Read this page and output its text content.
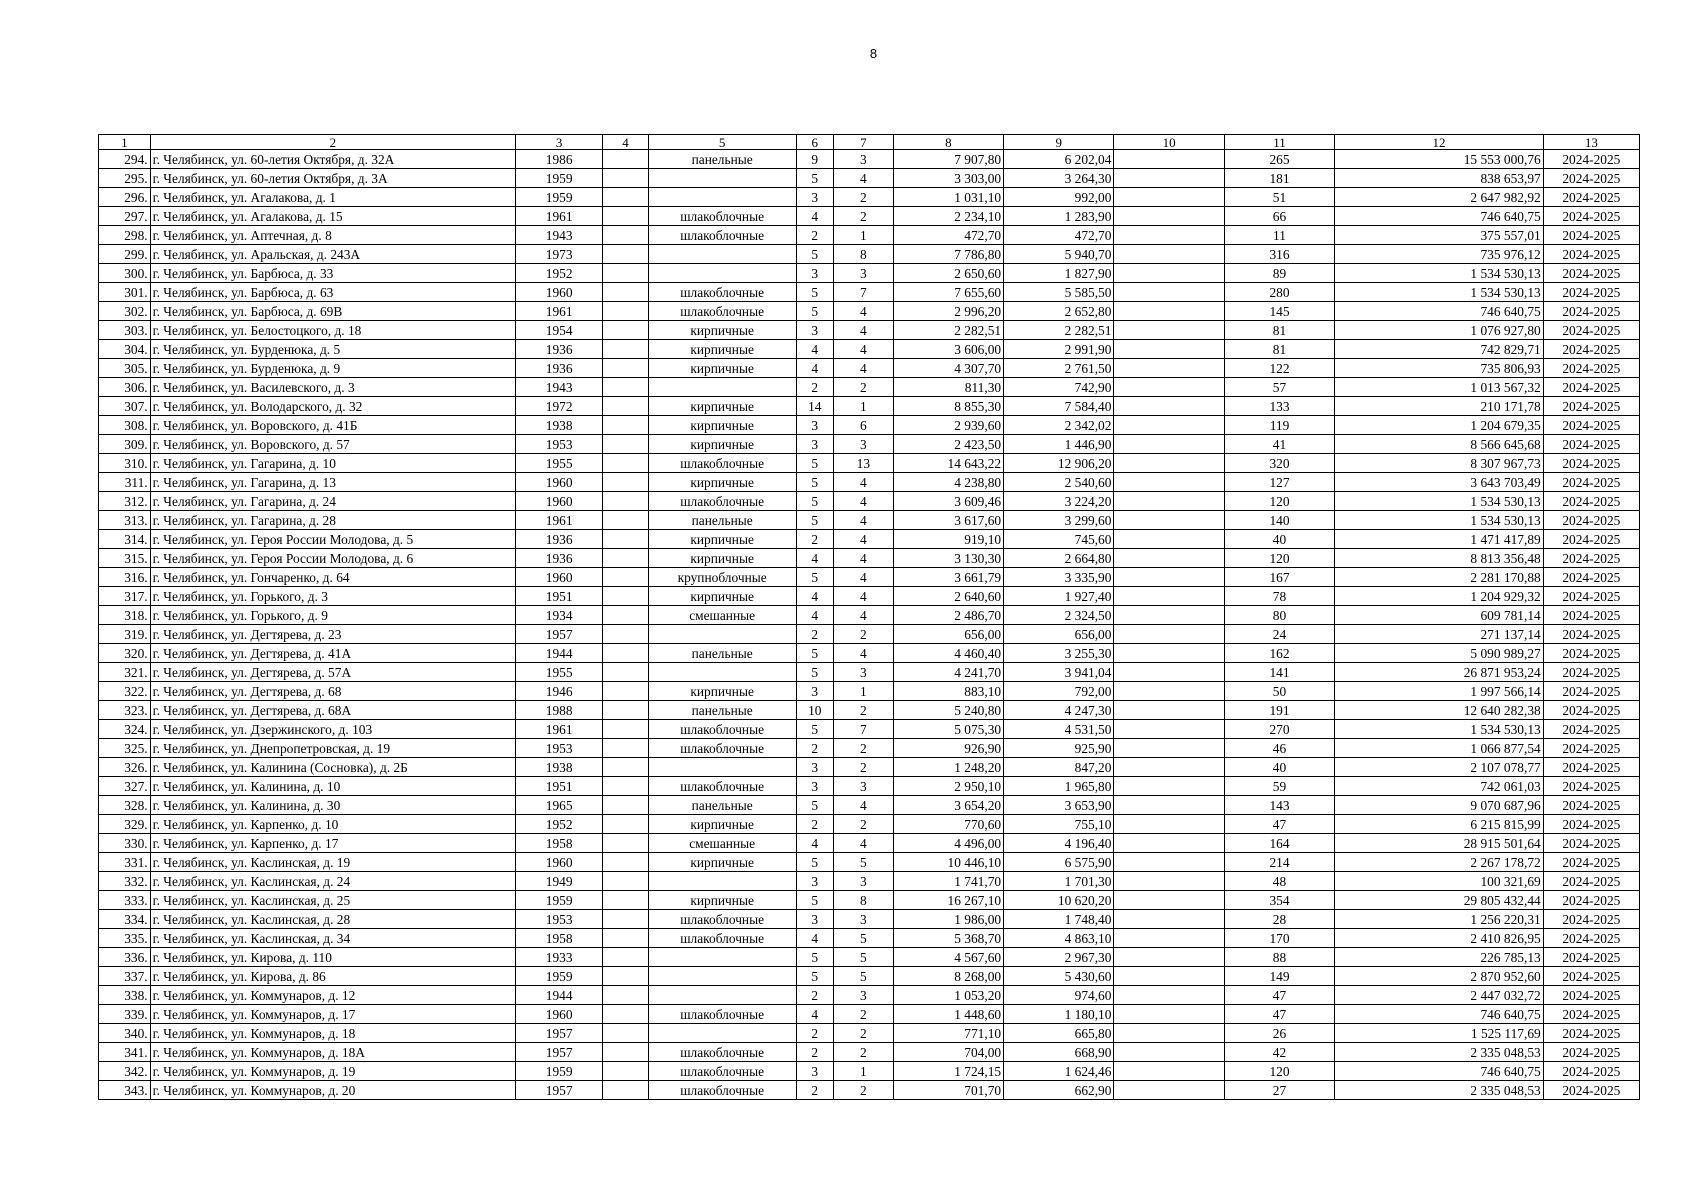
8
1	2	3	4	5	6	7	8	9	10	11	12	13
294.	г. Челябинск, ул. 60-летия Октября, д. 32А	1986		панельные	9	3	7 907,80	6 202,04		265	15 553 000,76	2024-2025
295.	г. Челябинск, ул. 60-летия Октября, д. 3А	1959			5	4	3 303,00	3 264,30		181	838 653,97	2024-2025
296.	г. Челябинск, ул. Агалакова, д. 1	1959			3	2	1 031,10	992,00		51	2 647 982,92	2024-2025
297.	г. Челябинск, ул. Агалакова, д. 15	1961		шлакоблочные	4	2	2 234,10	1 283,90		66	746 640,75	2024-2025
298.	г. Челябинск, ул. Аптечная, д. 8	1943		шлакоблочные	2	1	472,70	472,70		11	375 557,01	2024-2025
299.	г. Челябинск, ул. Аральская, д. 243А	1973			5	8	7 786,80	5 940,70		316	735 976,12	2024-2025
300.	г. Челябинск, ул. Барбюса, д. 33	1952			3	3	2 650,60	1 827,90		89	1 534 530,13	2024-2025
301.	г. Челябинск, ул. Барбюса, д. 63	1960		шлакоблочные	5	7	7 655,60	5 585,50		280	1 534 530,13	2024-2025
302.	г. Челябинск, ул. Барбюса, д. 69В	1961		шлакоблочные	5	4	2 996,20	2 652,80		145	746 640,75	2024-2025
303.	г. Челябинск, ул. Белостоцкого, д. 18	1954		кирпичные	3	4	2 282,51	2 282,51		81	1 076 927,80	2024-2025
304.	г. Челябинск, ул. Бурденюка, д. 5	1936		кирпичные	4	4	3 606,00	2 991,90		81	742 829,71	2024-2025
305.	г. Челябинск, ул. Бурденюка, д. 9	1936		кирпичные	4	4	4 307,70	2 761,50		122	735 806,93	2024-2025
306.	г. Челябинск, ул. Василевского, д. 3	1943			2	2	811,30	742,90		57	1 013 567,32	2024-2025
307.	г. Челябинск, ул. Володарского, д. 32	1972		кирпичные	14	1	8 855,30	7 584,40		133	210 171,78	2024-2025
308.	г. Челябинск, ул. Воровского, д. 41Б	1938		кирпичные	3	6	2 939,60	2 342,02		119	1 204 679,35	2024-2025
309.	г. Челябинск, ул. Воровского, д. 57	1953		кирпичные	3	3	2 423,50	1 446,90		41	8 566 645,68	2024-2025
310.	г. Челябинск, ул. Гагарина, д. 10	1955		шлакоблочные	5	13	14 643,22	12 906,20		320	8 307 967,73	2024-2025
311.	г. Челябинск, ул. Гагарина, д. 13	1960		кирпичные	5	4	4 238,80	2 540,60		127	3 643 703,49	2024-2025
312.	г. Челябинск, ул. Гагарина, д. 24	1960		шлакоблочные	5	4	3 609,46	3 224,20		120	1 534 530,13	2024-2025
313.	г. Челябинск, ул. Гагарина, д. 28	1961		панельные	5	4	3 617,60	3 299,60		140	1 534 530,13	2024-2025
314.	г. Челябинск, ул. Героя России Молодова, д. 5	1936		кирпичные	2	4	919,10	745,60		40	1 471 417,89	2024-2025
315.	г. Челябинск, ул. Героя России Молодова, д. 6	1936		кирпичные	4	4	3 130,30	2 664,80		120	8 813 356,48	2024-2025
316.	г. Челябинск, ул. Гончаренко, д. 64	1960		крупноблочные	5	4	3 661,79	3 335,90		167	2 281 170,88	2024-2025
317.	г. Челябинск, ул. Горького, д. 3	1951		кирпичные	4	4	2 640,60	1 927,40		78	1 204 929,32	2024-2025
318.	г. Челябинск, ул. Горького, д. 9	1934		смешанные	4	4	2 486,70	2 324,50		80	609 781,14	2024-2025
319.	г. Челябинск, ул. Дегтярева, д. 23	1957			2	2	656,00	656,00		24	271 137,14	2024-2025
320.	г. Челябинск, ул. Дегтярева, д. 41А	1944		панельные	5	4	4 460,40	3 255,30		162	5 090 989,27	2024-2025
321.	г. Челябинск, ул. Дегтярева, д. 57А	1955			5	3	4 241,70	3 941,04		141	26 871 953,24	2024-2025
322.	г. Челябинск, ул. Дегтярева, д. 68	1946		кирпичные	3	1	883,10	792,00		50	1 997 566,14	2024-2025
323.	г. Челябинск, ул. Дегтярева, д. 68А	1988		панельные	10	2	5 240,80	4 247,30		191	12 640 282,38	2024-2025
324.	г. Челябинск, ул. Дзержинского, д. 103	1961		шлакоблочные	5	7	5 075,30	4 531,50		270	1 534 530,13	2024-2025
325.	г. Челябинск, ул. Днепропетровская, д. 19	1953		шлакоблочные	2	2	926,90	925,90		46	1 066 877,54	2024-2025
326.	г. Челябинск, ул. Калинина (Сосновка), д. 2Б	1938			3	2	1 248,20	847,20		40	2 107 078,77	2024-2025
327.	г. Челябинск, ул. Калинина, д. 10	1951		шлакоблочные	3	3	2 950,10	1 965,80		59	742 061,03	2024-2025
328.	г. Челябинск, ул. Калинина, д. 30	1965		панельные	5	4	3 654,20	3 653,90		143	9 070 687,96	2024-2025
329.	г. Челябинск, ул. Карпенко, д. 10	1952		кирпичные	2	2	770,60	755,10		47	6 215 815,99	2024-2025
330.	г. Челябинск, ул. Карпенко, д. 17	1958		смешанные	4	4	4 496,00	4 196,40		164	28 915 501,64	2024-2025
331.	г. Челябинск, ул. Каслинская, д. 19	1960		кирпичные	5	5	10 446,10	6 575,90		214	2 267 178,72	2024-2025
332.	г. Челябинск, ул. Каслинская, д. 24	1949			3	3	1 741,70	1 701,30		48	100 321,69	2024-2025
333.	г. Челябинск, ул. Каслинская, д. 25	1959		кирпичные	5	8	16 267,10	10 620,20		354	29 805 432,44	2024-2025
334.	г. Челябинск, ул. Каслинская, д. 28	1953		шлакоблочные	3	3	1 986,00	1 748,40		28	1 256 220,31	2024-2025
335.	г. Челябинск, ул. Каслинская, д. 34	1958		шлакоблочные	4	5	5 368,70	4 863,10		170	2 410 826,95	2024-2025
336.	г. Челябинск, ул. Кирова, д. 110	1933			5	5	4 567,60	2 967,30		88	226 785,13	2024-2025
337.	г. Челябинск, ул. Кирова, д. 86	1959			5	5	8 268,00	5 430,60		149	2 870 952,60	2024-2025
338.	г. Челябинск, ул. Коммунаров, д. 12	1944			2	3	1 053,20	974,60		47	2 447 032,72	2024-2025
339.	г. Челябинск, ул. Коммунаров, д. 17	1960		шлакоблочные	4	2	1 448,60	1 180,10		47	746 640,75	2024-2025
340.	г. Челябинск, ул. Коммунаров, д. 18	1957			2	2	771,10	665,80		26	1 525 117,69	2024-2025
341.	г. Челябинск, ул. Коммунаров, д. 18А	1957		шлакоблочные	2	2	704,00	668,90		42	2 335 048,53	2024-2025
342.	г. Челябинск, ул. Коммунаров, д. 19	1959		шлакоблочные	3	1	1 724,15	1 624,46		120	746 640,75	2024-2025
343.	г. Челябинск, ул. Коммунаров, д. 20	1957		шлакоблочные	2	2	701,70	662,90		27	2 335 048,53	2024-2025
